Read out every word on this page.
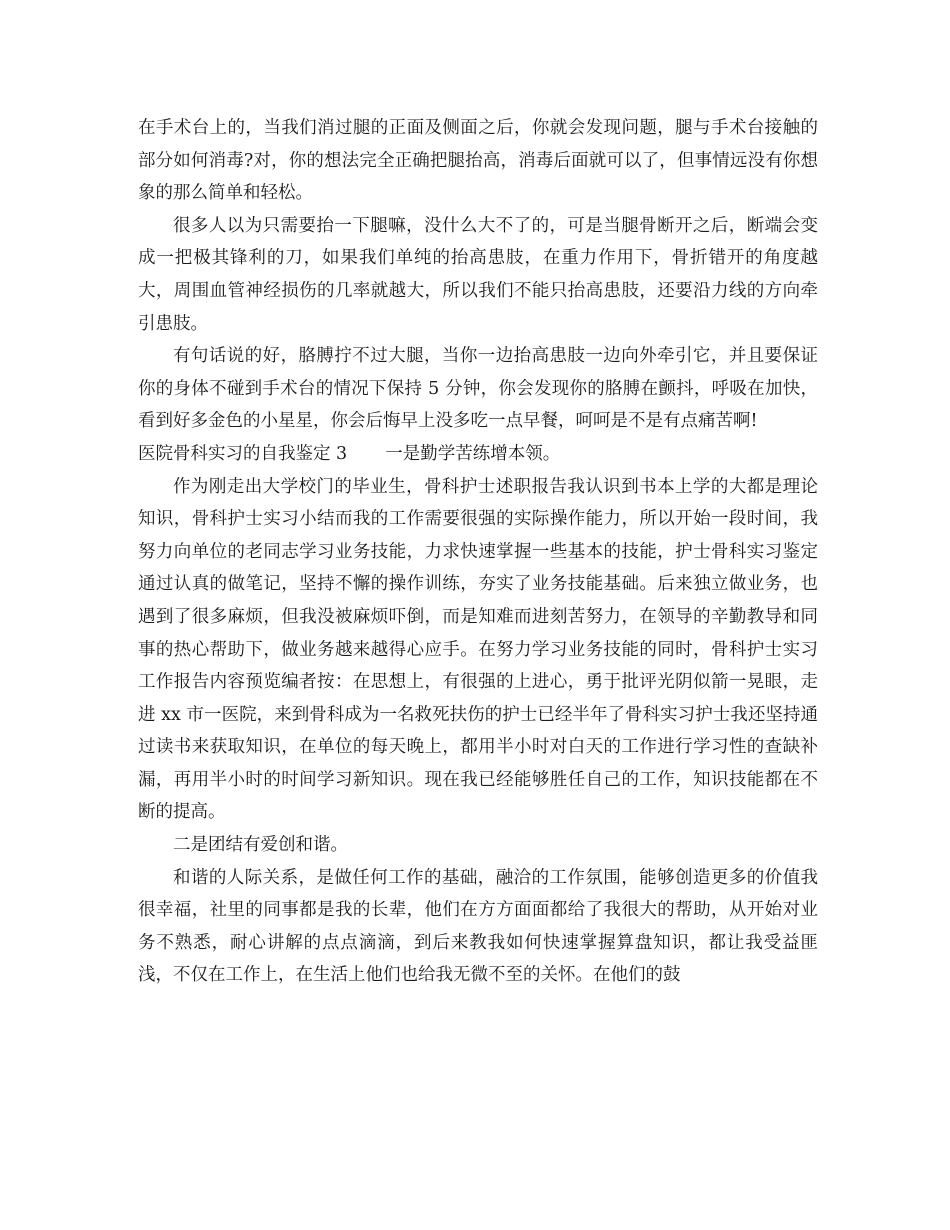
在手术台上的，当我们消过腿的正面及侧面之后，你就会发现问题，腿与手术台接触的部分如何消毒?对，你的想法完全正确把腿抬高，消毒后面就可以了，但事情远没有你想象的那么简单和轻松。

很多人以为只需要抬一下腿嘛，没什么大不了的，可是当腿骨断开之后，断端会变成一把极其锋利的刀，如果我们单纯的抬高患肢，在重力作用下，骨折错开的角度越大，周围血管神经损伤的几率就越大，所以我们不能只抬高患肢，还要沿力线的方向牵引患肢。

有句话说的好，胳膊拧不过大腿，当你一边抬高患肢一边向外牵引它，并且要保证你的身体不碰到手术台的情况下保持 5 分钟，你会发现你的胳膊在颤抖，呼吸在加快，看到好多金色的小星星，你会后悔早上没多吃一点早餐，呵呵是不是有点痛苦啊!

医院骨科实习的自我鉴定 3 一是勤学苦练增本领。

作为刚走出大学校门的毕业生，骨科护士述职报告我认识到书本上学的大都是理论知识，骨科护士实习小结而我的工作需要很强的实际操作能力，所以开始一段时间，我努力向单位的老同志学习业务技能，力求快速掌握一些基本的技能，护士骨科实习鉴定通过认真的做笔记，坚持不懈的操作训练，夯实了业务技能基础。后来独立做业务，也遇到了很多麻烦，但我没被麻烦吓倒，而是知难而进刻苦努力，在领导的辛勤教导和同事的热心帮助下，做业务越来越得心应手。在努力学习业务技能的同时，骨科护士实习工作报告内容预览编者按：在思想上，有很强的上进心，勇于批评光阴似箭一晃眼，走进 xx 市一医院，来到骨科成为一名救死扶伤的护士已经半年了骨科实习护士我还坚持通过读书来获取知识，在单位的每天晚上，都用半小时对白天的工作进行学习性的查缺补漏，再用半小时的时间学习新知识。现在我已经能够胜任自己的工作，知识技能都在不断的提高。

二是团结有爱创和谐。

和谐的人际关系，是做任何工作的基础，融洽的工作氛围，能够创造更多的价值我很幸福，社里的同事都是我的长辈，他们在方方面面都给了我很大的帮助，从开始对业务不熟悉，耐心讲解的点点滴滴，到后来教我如何快速掌握算盘知识，都让我受益匪浅，不仅在工作上，在生活上他们也给我无微不至的关怀。在他们的鼓
